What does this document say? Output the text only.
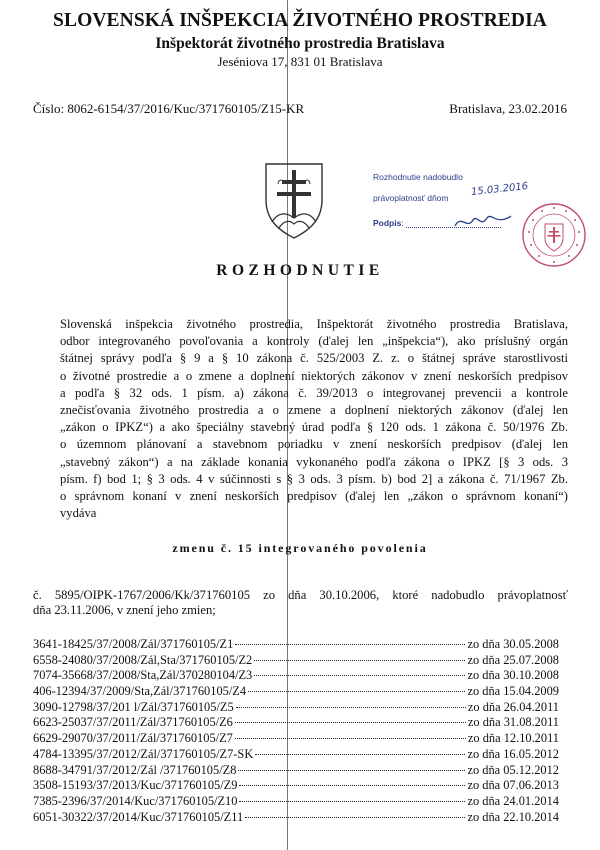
SLOVENSKÁ INŠPEKCIA ŽIVOTNÉHO PROSTREDIA
Inšpektorát životného prostredia Bratislava
Jeséniova 17, 831 01 Bratislava
Číslo: 8062-6154/37/2016/Kuc/371760105/Z15-KR	Bratislava, 23.02.2016
Rozhodnutie nadobudlo
právoplatnosť dňom
15.03.2016
Podpis:
ROZHODNUTIE
Slovenská inšpekcia životného prostredia, Inšpektorát životného prostredia Bratislava,
odbor integrovaného povoľovania a kontroly (ďalej len „inšpekcia“), ako príslušný orgán
štátnej správy podľa § 9 a § 10 zákona č. 525/2003 Z. z. o štátnej správe starostlivosti
o životné prostredie a o zmene a doplnení niektorých zákonov v znení neskorších predpisov
a podľa § 32 ods. 1 písm. a) zákona č. 39/2013 o integrovanej prevencii a kontrole
znečisťovania životného prostredia a o zmene a doplnení niektorých zákonov (ďalej len
„zákon o IPKZ“) a ako špeciálny stavebný úrad podľa § 120 ods. 1 zákona č. 50/1976 Zb.
o územnom plánovaní a stavebnom poriadku v znení neskorších predpisov (ďalej len
„stavebný zákon“) a na základe konania vykonaného podľa zákona o IPKZ [§ 3 ods. 3
písm. f) bod 1; § 3 ods. 4 v súčinnosti s § 3 ods. 3 písm. b) bod 2] a zákona č. 71/1967 Zb.
o správnom konaní v znení neskorších predpisov (ďalej len „zákon o správnom konaní“)
vydáva
zmenu č. 15 integrovaného povolenia
č. 5895/OIPK-1767/2006/Kk/371760105 zo dňa 30.10.2006, ktoré nadobudlo právoplatnosť
dňa 23.11.2006, v znení jeho zmien;
3641-18425/37/2008/Zál/371760105/Z1	zo dňa 30.05.2008
6558-24080/37/2008/Zál,Sta/371760105/Z2	zo dňa 25.07.2008
7074-35668/37/2008/Sta,Zál/370280104/Z3	zo dňa 30.10.2008
406-12394/37/2009/Sta,Zál/371760105/Z4	zo dňa 15.04.2009
3090-12798/37/201 l/Zál/371760105/Z5	zo dňa 26.04.2011
6623-25037/37/2011/Zál/371760105/Z6	zo dňa 31.08.2011
6629-29070/37/2011/Zál/371760105/Z7	zo dňa 12.10.2011
4784-13395/37/2012/Zál/371760105/Z7-SK	zo dňa 16.05.2012
8688-34791/37/2012/Zál /371760105/Z8	zo dňa 05.12.2012
3508-15193/37/2013/Kuc/371760105/Z9	zo dňa 07.06.2013
7385-2396/37/2014/Kuc/371760105/Z10	zo dňa 24.01.2014
6051-30322/37/2014/Kuc/371760105/Z11	zo dňa 22.10.2014
